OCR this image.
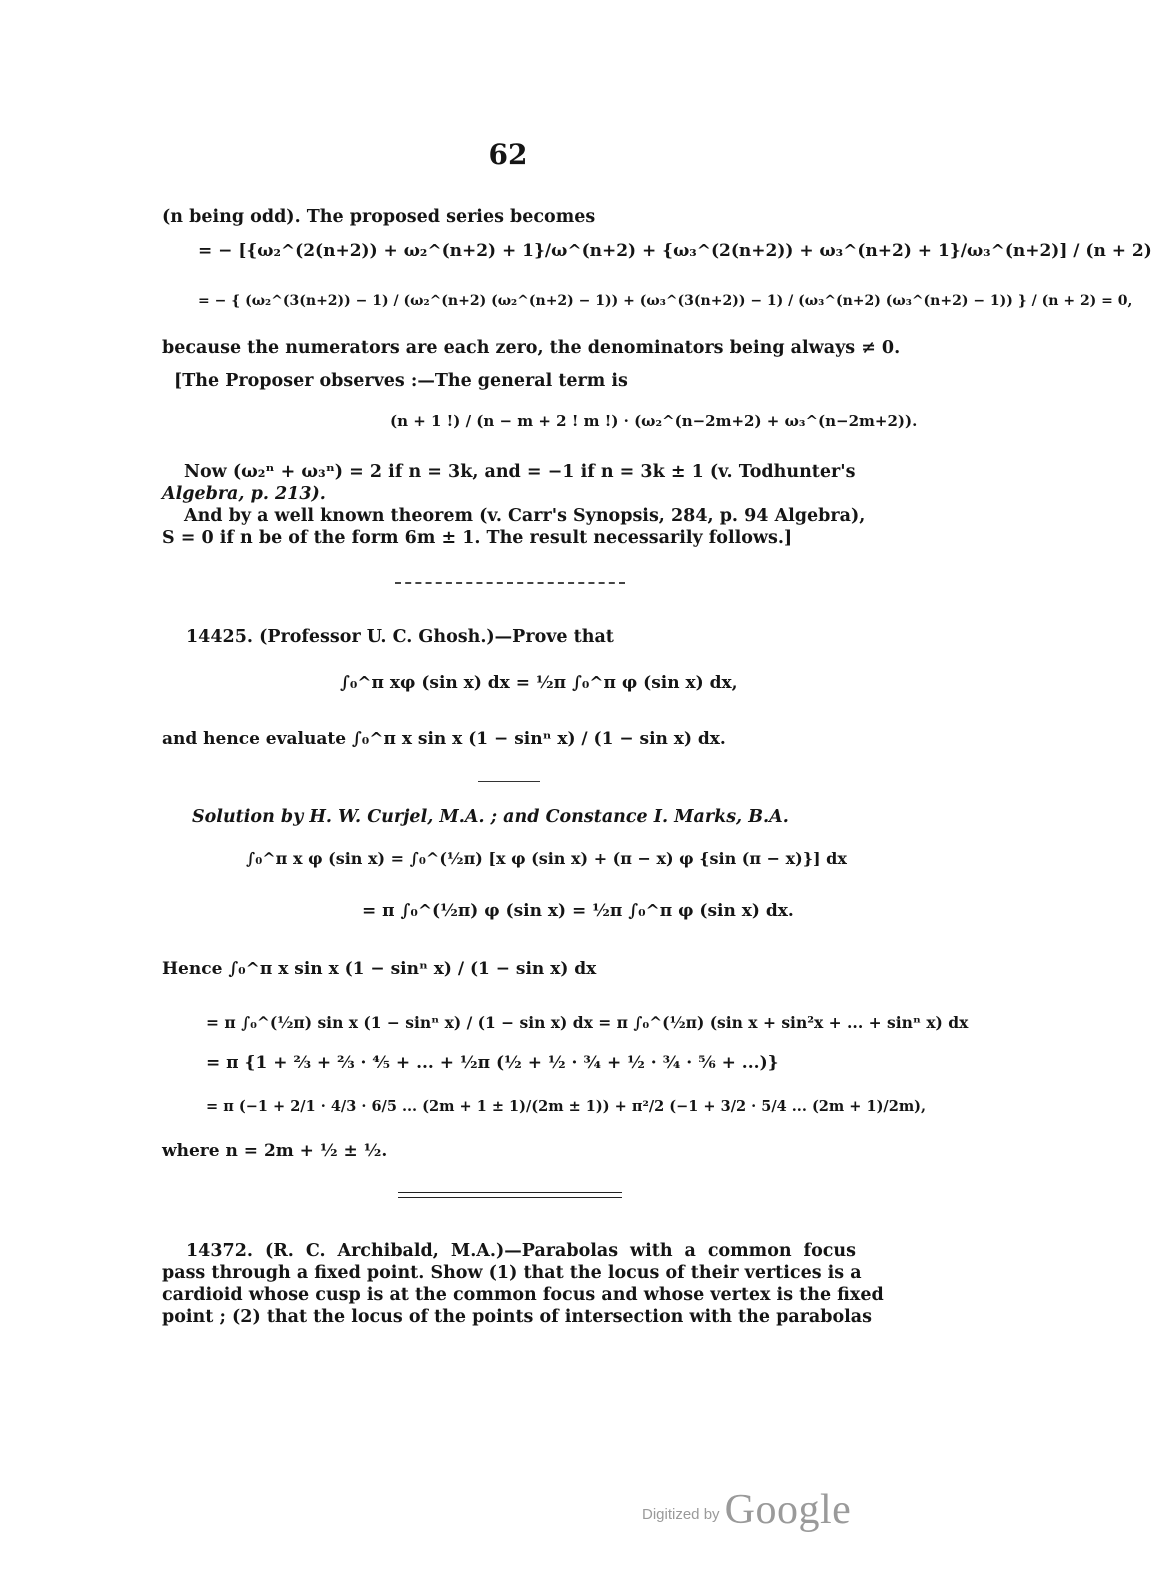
62
(n being odd). The proposed series becomes
= − [{ω₂^(2(n+2)) + ω₂^(n+2) + 1}/ω^(n+2) + {ω₃^(2(n+2)) + ω₃^(n+2) + 1}/ω₃^(n+2)] / (n + 2)
= − { (ω₂^(3(n+2)) − 1) / (ω₂^(n+2) (ω₂^(n+2) − 1)) + (ω₃^(3(n+2)) − 1) / (ω₃^(n+2) (ω₃^(n+2) − 1)) } / (n + 2) = 0,
because the numerators are each zero, the denominators being always ≠ 0.
[The Proposer observes :—The general term is
(n + 1 !) / (n − m + 2 ! m !) · (ω₂^(n−2m+2) + ω₃^(n−2m+2)).
Now (ω₂ⁿ + ω₃ⁿ) = 2 if n = 3k, and = −1 if n = 3k ± 1 (v. Todhunter's
Algebra, p. 213).
And by a well known theorem (v. Carr's Synopsis, 284, p. 94 Algebra),
S = 0 if n be of the form 6m ± 1. The result necessarily follows.]
14425. (Professor U. C. Ghosh.)—Prove that
∫₀^π xφ (sin x) dx = ½π ∫₀^π φ (sin x) dx,
and hence evaluate ∫₀^π x sin x (1 − sinⁿ x) / (1 − sin x) dx.
Solution by H. W. Curjel, M.A. ; and Constance I. Marks, B.A.
∫₀^π x φ (sin x) = ∫₀^(½π) [x φ (sin x) + (π − x) φ {sin (π − x)}] dx
= π ∫₀^(½π) φ (sin x) = ½π ∫₀^π φ (sin x) dx.
Hence ∫₀^π x sin x (1 − sinⁿ x) / (1 − sin x) dx
= π ∫₀^(½π) sin x (1 − sinⁿ x) / (1 − sin x) dx = π ∫₀^(½π) (sin x + sin²x + ... + sinⁿ x) dx
= π {1 + ⅔ + ⅔ · ⅘ + ... + ½π (½ + ½ · ¾ + ½ · ¾ · ⅚ + ...)}
= π (−1 + 2/1 · 4/3 · 6/5 ... (2m + 1 ± 1)/(2m ± 1)) + π²/2 (−1 + 3/2 · 5/4 ... (2m + 1)/2m),
where n = 2m + ½ ± ½.
14372. (R. C. Archibald, M.A.)—Parabolas with a common focus
pass through a fixed point. Show (1) that the locus of their vertices is a
cardioid whose cusp is at the common focus and whose vertex is the fixed
point ; (2) that the locus of the points of intersection with the parabolas
Digitized by Google
